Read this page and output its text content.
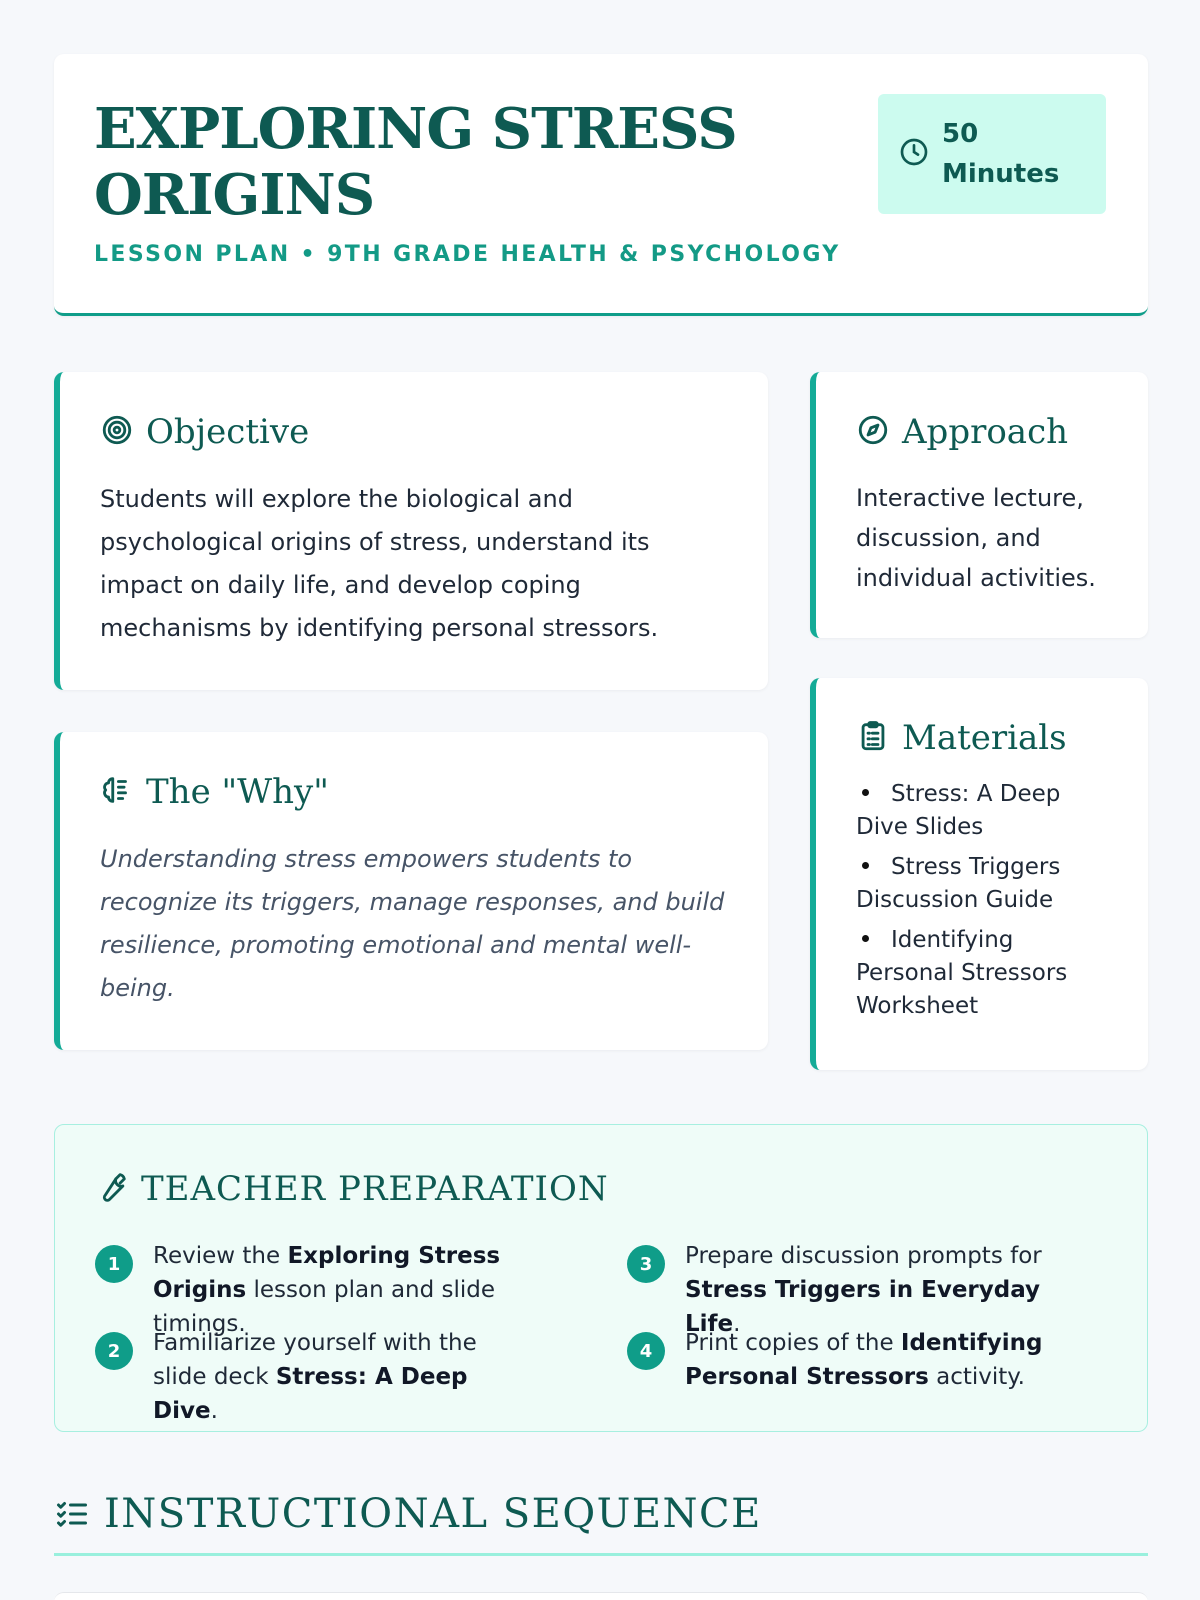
EXPLORING STRESS ORIGINS
LESSON PLAN • 9TH GRADE HEALTH & PSYCHOLOGY
50
Minutes
Objective

Students will explore the biological and psychological origins of stress, understand its impact on daily life, and develop coping mechanisms by identifying personal stressors.

The "Why"

Understanding stress empowers students to recognize its triggers, manage responses, and build resilience, promoting emotional and mental well-being.

Approach

Interactive lecture, discussion, and individual activities.

Materials
Stress: A Deep Dive Slides
Stress Triggers Discussion Guide
Identifying Personal Stressors Worksheet
TEACHER PREPARATION
1	Review the Exploring Stress Origins lesson plan and slide timings.
2	Familiarize yourself with the slide deck Stress: A Deep Dive.
3	Prepare discussion prompts for Stress Triggers in Everyday Life.
4	Print copies of the Identifying Personal Stressors activity.
INSTRUCTIONAL SEQUENCE
